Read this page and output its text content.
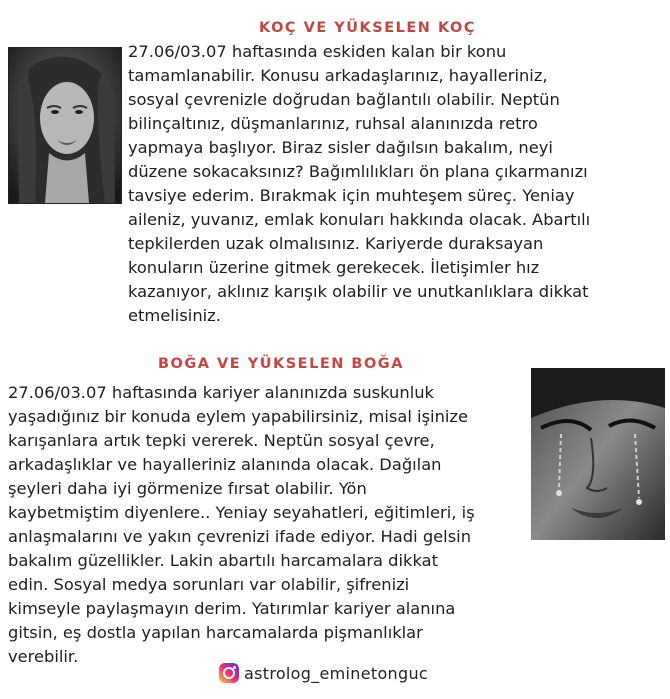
KOÇ VE YÜKSELEN KOÇ
27.06/03.07 haftasında eskiden kalan bir konu
tamamlanabilir. Konusu arkadaşlarınız, hayalleriniz,
sosyal çevrenizle doğrudan bağlantılı olabilir. Neptün
bilinçaltınız, düşmanlarınız, ruhsal alanınızda retro
yapmaya başlıyor. Biraz sisler dağılsın bakalım, neyi
düzene sokacaksınız? Bağımlılıkları ön plana çıkarmanızı
tavsiye ederim. Bırakmak için muhteşem süreç. Yeniay
aileniz, yuvanız, emlak konuları hakkında olacak. Abartılı
tepkilerden uzak olmalısınız. Kariyerde duraksayan
konuların üzerine gitmek gerekecek. İletişimler hız
kazanıyor, aklınız karışık olabilir ve unutkanlıklara dikkat
etmelisiniz.
BOĞA VE YÜKSELEN BOĞA
27.06/03.07 haftasında kariyer alanınızda suskunluk
yaşadığınız bir konuda eylem yapabilirsiniz, misal işinize
karışanlara artık tepki vererek. Neptün sosyal çevre,
arkadaşlıklar ve hayalleriniz alanında olacak. Dağılan
şeyleri daha iyi görmenize fırsat olabilir. Yön
kaybetmiştim diyenlere.. Yeniay seyahatleri, eğitimleri, iş
anlaşmalarını ve yakın çevrenizi ifade ediyor. Hadi gelsin
bakalım güzellikler. Lakin abartılı harcamalara dikkat
edin. Sosyal medya sorunları var olabilir, şifrenizi
kimseyle paylaşmayın derim. Yatırımlar kariyer alanına
gitsin, eş dostla yapılan harcamalarda pişmanlıklar
verebilir.
astrolog_eminetonguc
